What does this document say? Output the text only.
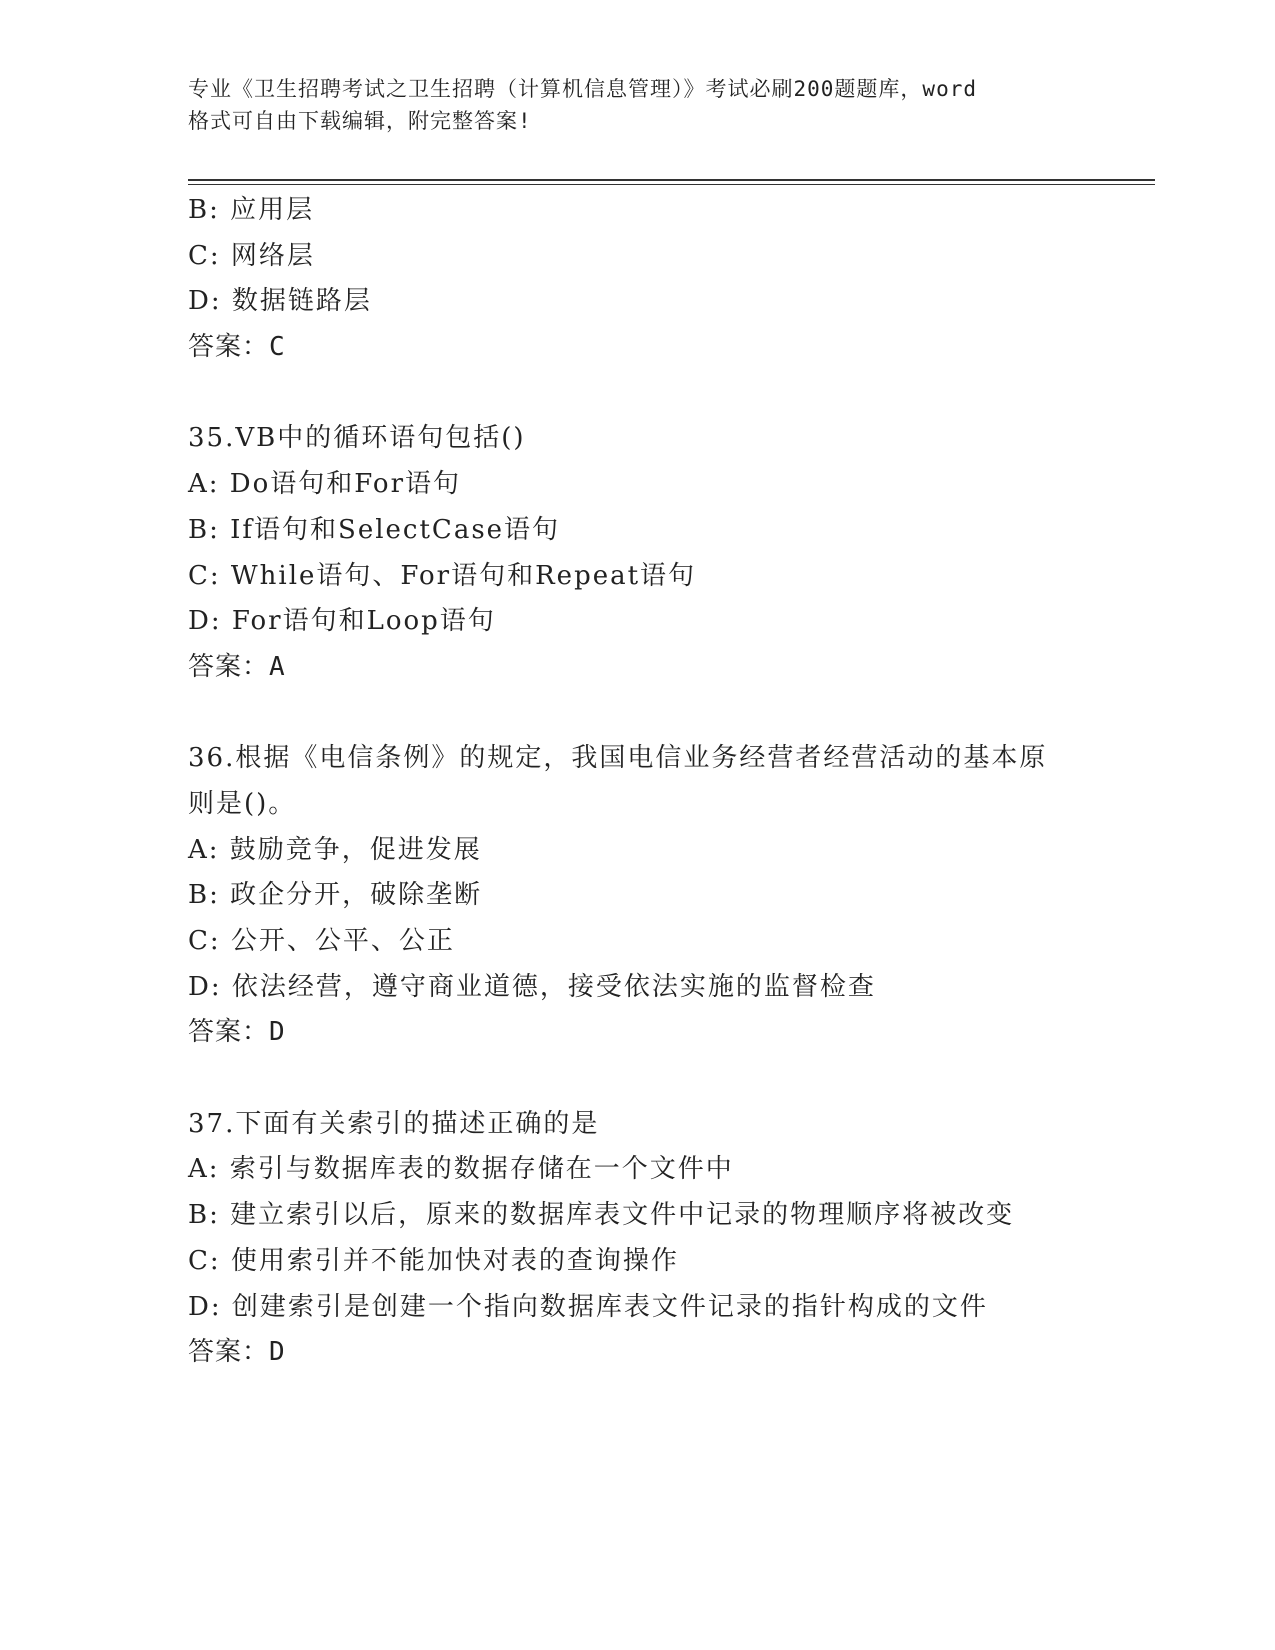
专业《卫生招聘考试之卫生招聘（计算机信息管理）》考试必刷200题题库，word
格式可自由下载编辑，附完整答案!
B: 应用层
C: 网络层
D: 数据链路层
答案：C
35.VB中的循环语句包括()
A: Do语句和For语句
B: If语句和SelectCase语句
C: While语句、For语句和Repeat语句
D: For语句和Loop语句
答案：A
36.根据《电信条例》的规定，我国电信业务经营者经营活动的基本原
则是()。
A: 鼓励竞争，促进发展
B: 政企分开，破除垄断
C: 公开、公平、公正
D: 依法经营，遵守商业道德，接受依法实施的监督检查
答案：D
37.下面有关索引的描述正确的是
A: 索引与数据库表的数据存储在一个文件中
B: 建立索引以后，原来的数据库表文件中记录的物理顺序将被改变
C: 使用索引并不能加快对表的查询操作
D: 创建索引是创建一个指向数据库表文件记录的指针构成的文件
答案：D
